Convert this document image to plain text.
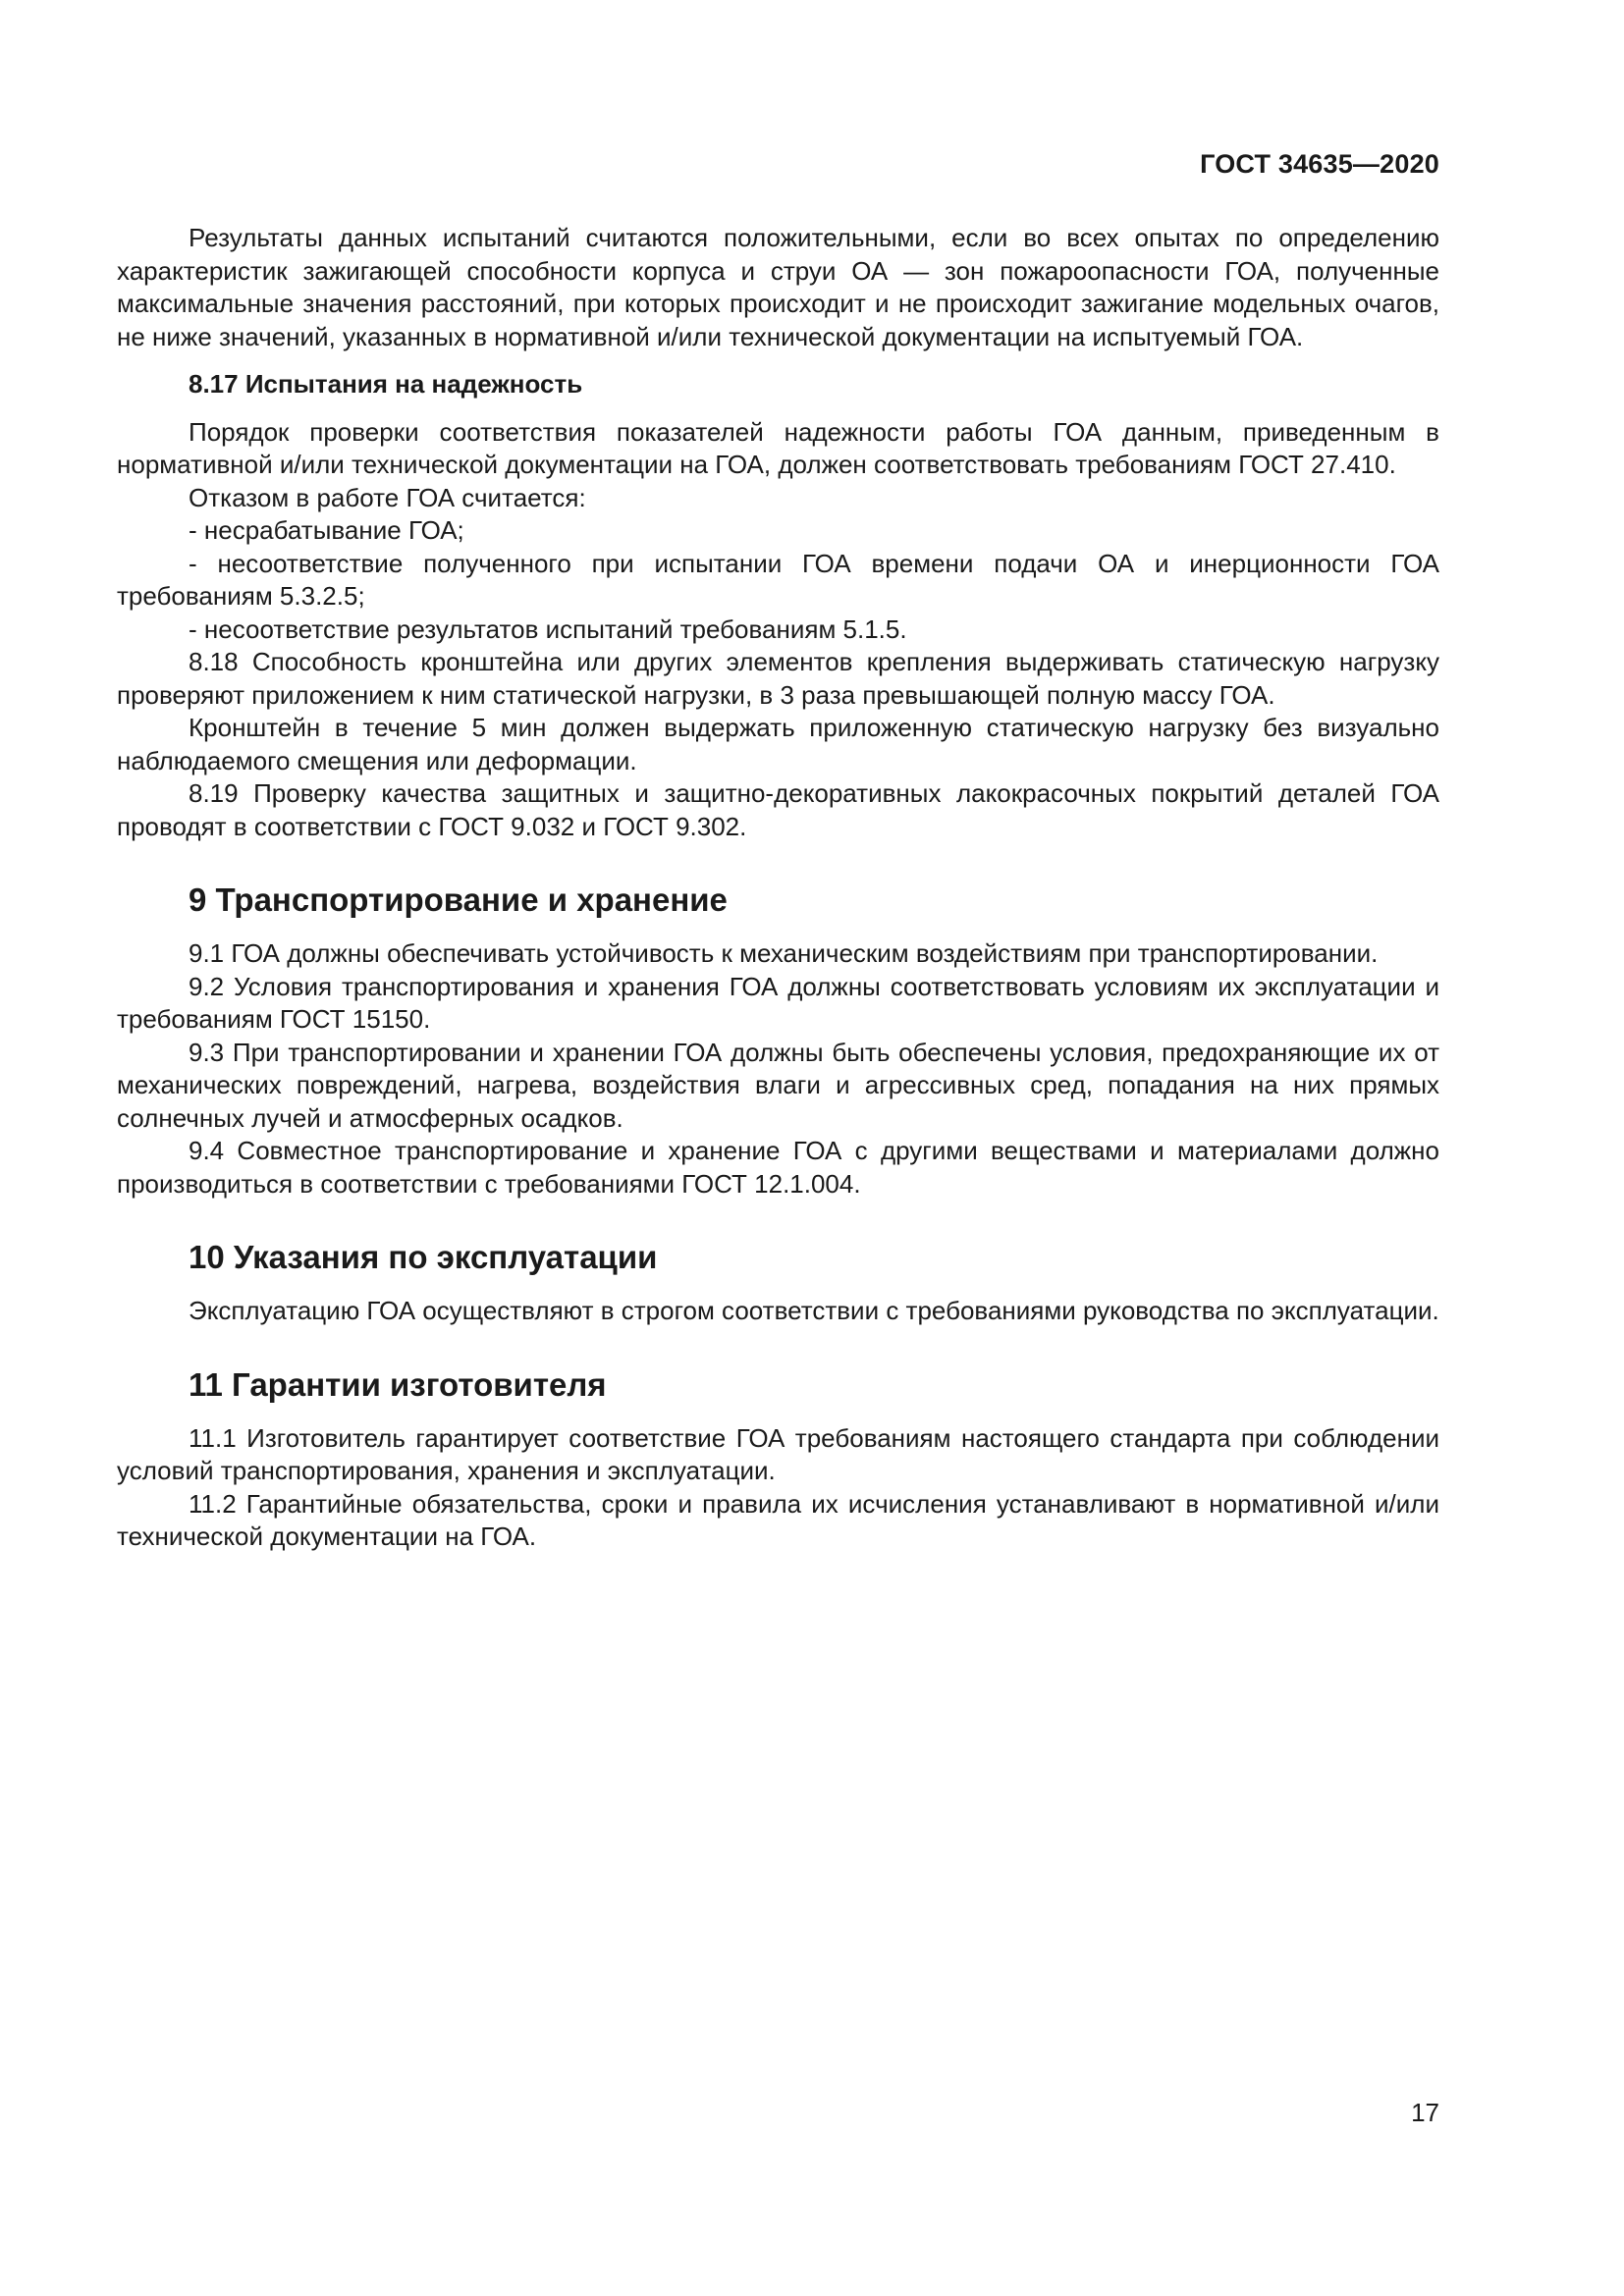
ГОСТ 34635—2020

Результаты данных испытаний считаются положительными, если во всех опытах по определению характеристик зажигающей способности корпуса и струи ОА — зон пожароопасности ГОА, полученные максимальные значения расстояний, при которых происходит и не происходит зажигание модельных очагов, не ниже значений, указанных в нормативной и/или технической документации на испытуемый ГОА.

8.17 Испытания на надежность

Порядок проверки соответствия показателей надежности работы ГОА данным, приведенным в нормативной и/или технической документации на ГОА, должен соответствовать требованиям ГОСТ 27.410.

Отказом в работе ГОА считается:

- несрабатывание ГОА;

- несоответствие полученного при испытании ГОА времени подачи ОА и инерционности ГОА требованиям 5.3.2.5;

- несоответствие результатов испытаний требованиям 5.1.5.

8.18 Способность кронштейна или других элементов крепления выдерживать статическую нагрузку проверяют приложением к ним статической нагрузки, в 3 раза превышающей полную массу ГОА.

Кронштейн в течение 5 мин должен выдержать приложенную статическую нагрузку без визуально наблюдаемого смещения или деформации.

8.19 Проверку качества защитных и защитно-декоративных лакокрасочных покрытий деталей ГОА проводят в соответствии с ГОСТ 9.032 и ГОСТ 9.302.

9 Транспортирование и хранение

9.1 ГОА должны обеспечивать устойчивость к механическим воздействиям при транспортировании.

9.2 Условия транспортирования и хранения ГОА должны соответствовать условиям их эксплуатации и требованиям ГОСТ 15150.

9.3 При транспортировании и хранении ГОА должны быть обеспечены условия, предохраняющие их от механических повреждений, нагрева, воздействия влаги и агрессивных сред, попадания на них прямых солнечных лучей и атмосферных осадков.

9.4 Совместное транспортирование и хранение ГОА с другими веществами и материалами должно производиться в соответствии с требованиями ГОСТ 12.1.004.

10 Указания по эксплуатации

Эксплуатацию ГОА осуществляют в строгом соответствии с требованиями руководства по эксплуатации.

11 Гарантии изготовителя

11.1 Изготовитель гарантирует соответствие ГОА требованиям настоящего стандарта при соблюдении условий транспортирования, хранения и эксплуатации.

11.2 Гарантийные обязательства, сроки и правила их исчисления устанавливают в нормативной и/или технической документации на ГОА.

17
